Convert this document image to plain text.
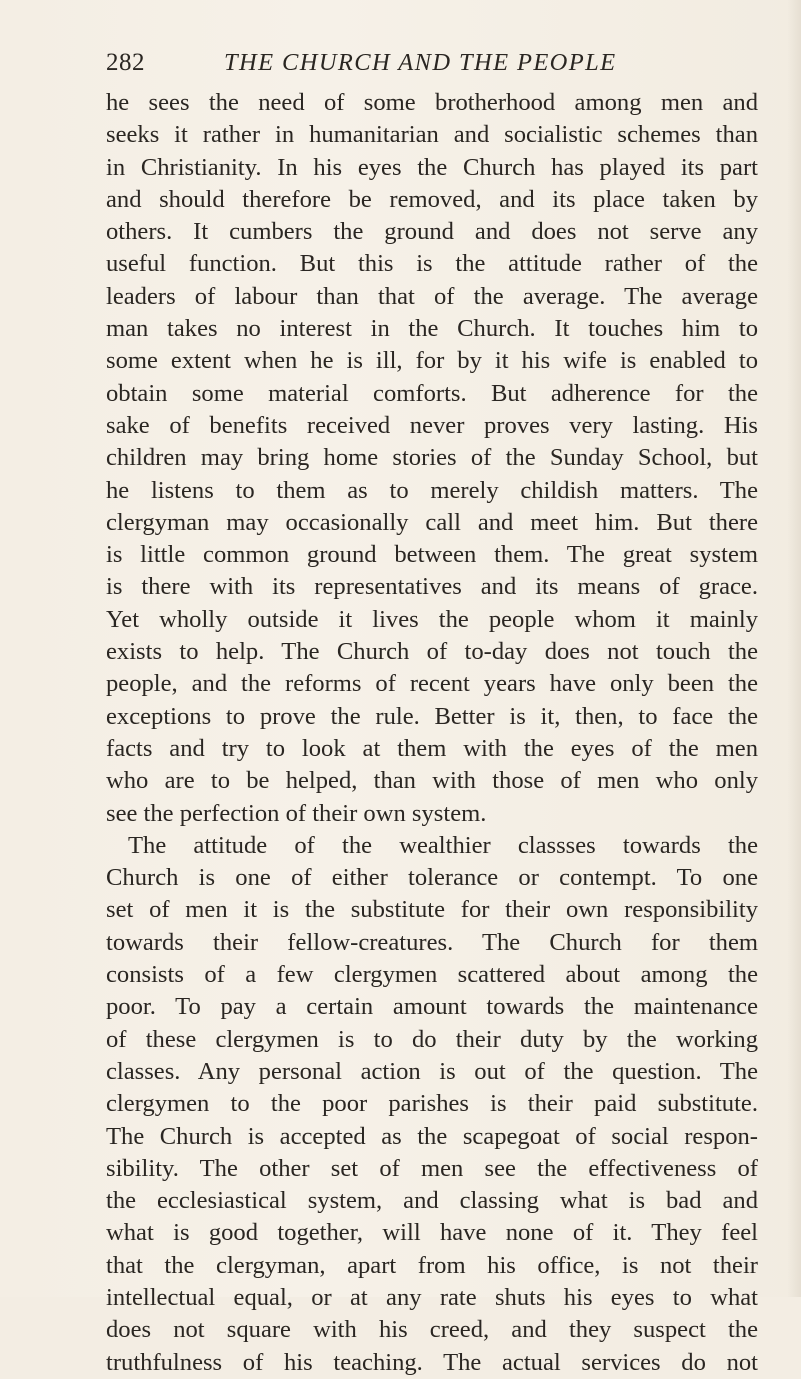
282	THE CHURCH AND THE PEOPLE
he sees the need of some brotherhood among men and
seeks it rather in humanitarian and socialistic schemes than
in Christianity. In his eyes the Church has played its part
and should therefore be removed, and its place taken by
others. It cumbers the ground and does not serve any
useful function. But this is the attitude rather of the
leaders of labour than that of the average. The average
man takes no interest in the Church. It touches him to
some extent when he is ill, for by it his wife is enabled to
obtain some material comforts. But adherence for the
sake of benefits received never proves very lasting. His
children may bring home stories of the Sunday School, but
he listens to them as to merely childish matters. The
clergyman may occasionally call and meet him. But there
is little common ground between them. The great system
is there with its representatives and its means of grace.
Yet wholly outside it lives the people whom it mainly
exists to help. The Church of to-day does not touch the
people, and the reforms of recent years have only been the
exceptions to prove the rule. Better is it, then, to face the
facts and try to look at them with the eyes of the men
who are to be helped, than with those of men who only
see the perfection of their own system.
The attitude of the wealthier classses towards the
Church is one of either tolerance or contempt. To one
set of men it is the substitute for their own responsibility
towards their fellow-creatures. The Church for them
consists of a few clergymen scattered about among the
poor. To pay a certain amount towards the maintenance
of these clergymen is to do their duty by the working
classes. Any personal action is out of the question. The
clergymen to the poor parishes is their paid substitute.
The Church is accepted as the scapegoat of social respon-
sibility. The other set of men see the effectiveness of
the ecclesiastical system, and classing what is bad and
what is good together, will have none of it. They feel
that the clergyman, apart from his office, is not their
intellectual equal, or at any rate shuts his eyes to what
does not square with his creed, and they suspect the
truthfulness of his teaching. The actual services do not
